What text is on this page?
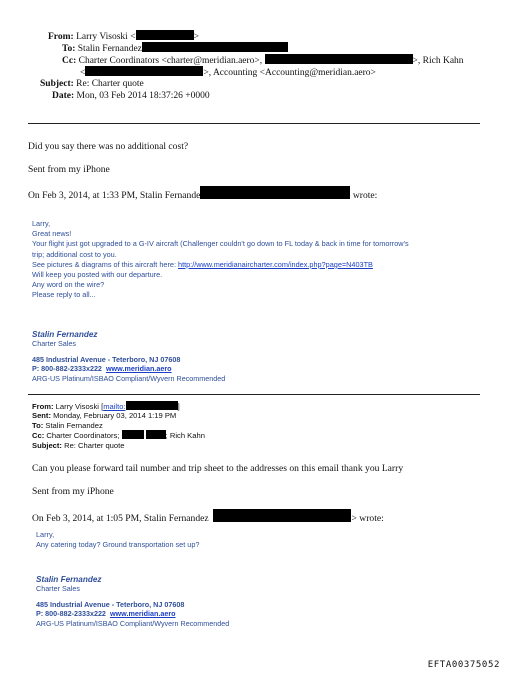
From: Larry Visoski <	>
To: Stalin Fernandez
Cc: Charter Coordinators <charter@meridian.aero>,	>, Rich Kahn
<	>, Accounting <Accounting@meridian.aero>
Subject: Re: Charter quote
Date: Mon, 03 Feb 2014 18:37:26 +0000
Did you say there was no additional cost?
Sent from my iPhone
On Feb 3, 2014, at 1:33 PM, Stalin Fernande	wrote:
Larry,
Great news!
Your flight just got upgraded to a G-IV aircraft (Challenger couldn't go down to FL today & back in time for tomorrow's
trip; additional cost to you.
See pictures & diagrams of this aircraft here: http://www.meridianaircharter.com/index.php?page=N403TB
Will keep you posted with our departure.
Any word on the wire?
Please reply to all...
Stalin Fernandez
Charter Sales
485 Industrial Avenue - Teterboro, NJ 07608
P: 800-882-2333x222 www.meridian.aero
ARG-US Platinum/ISBAO Compliant/Wyvern Recommended
From: Larry Visoski [mailto:	]
Sent: Monday, February 03, 2014 1:19 PM
To: Stalin Fernandez
Cc: Charter Coordinators;	; Rich Kahn
Subject: Re: Charter quote
Can you please forward tail number and trip sheet to the addresses on this email thank you Larry
Sent from my iPhone
On Feb 3, 2014, at 1:05 PM, Stalin Fernandez	> wrote:
Larry,
Any catering today? Ground transportation set up?
Stalin Fernandez
Charter Sales
485 Industrial Avenue - Teterboro, NJ 07608
P: 800-882-2333x222 www.meridian.aero
ARG-US Platinum/ISBAO Compliant/Wyvern Recommended
EFTA00375052
